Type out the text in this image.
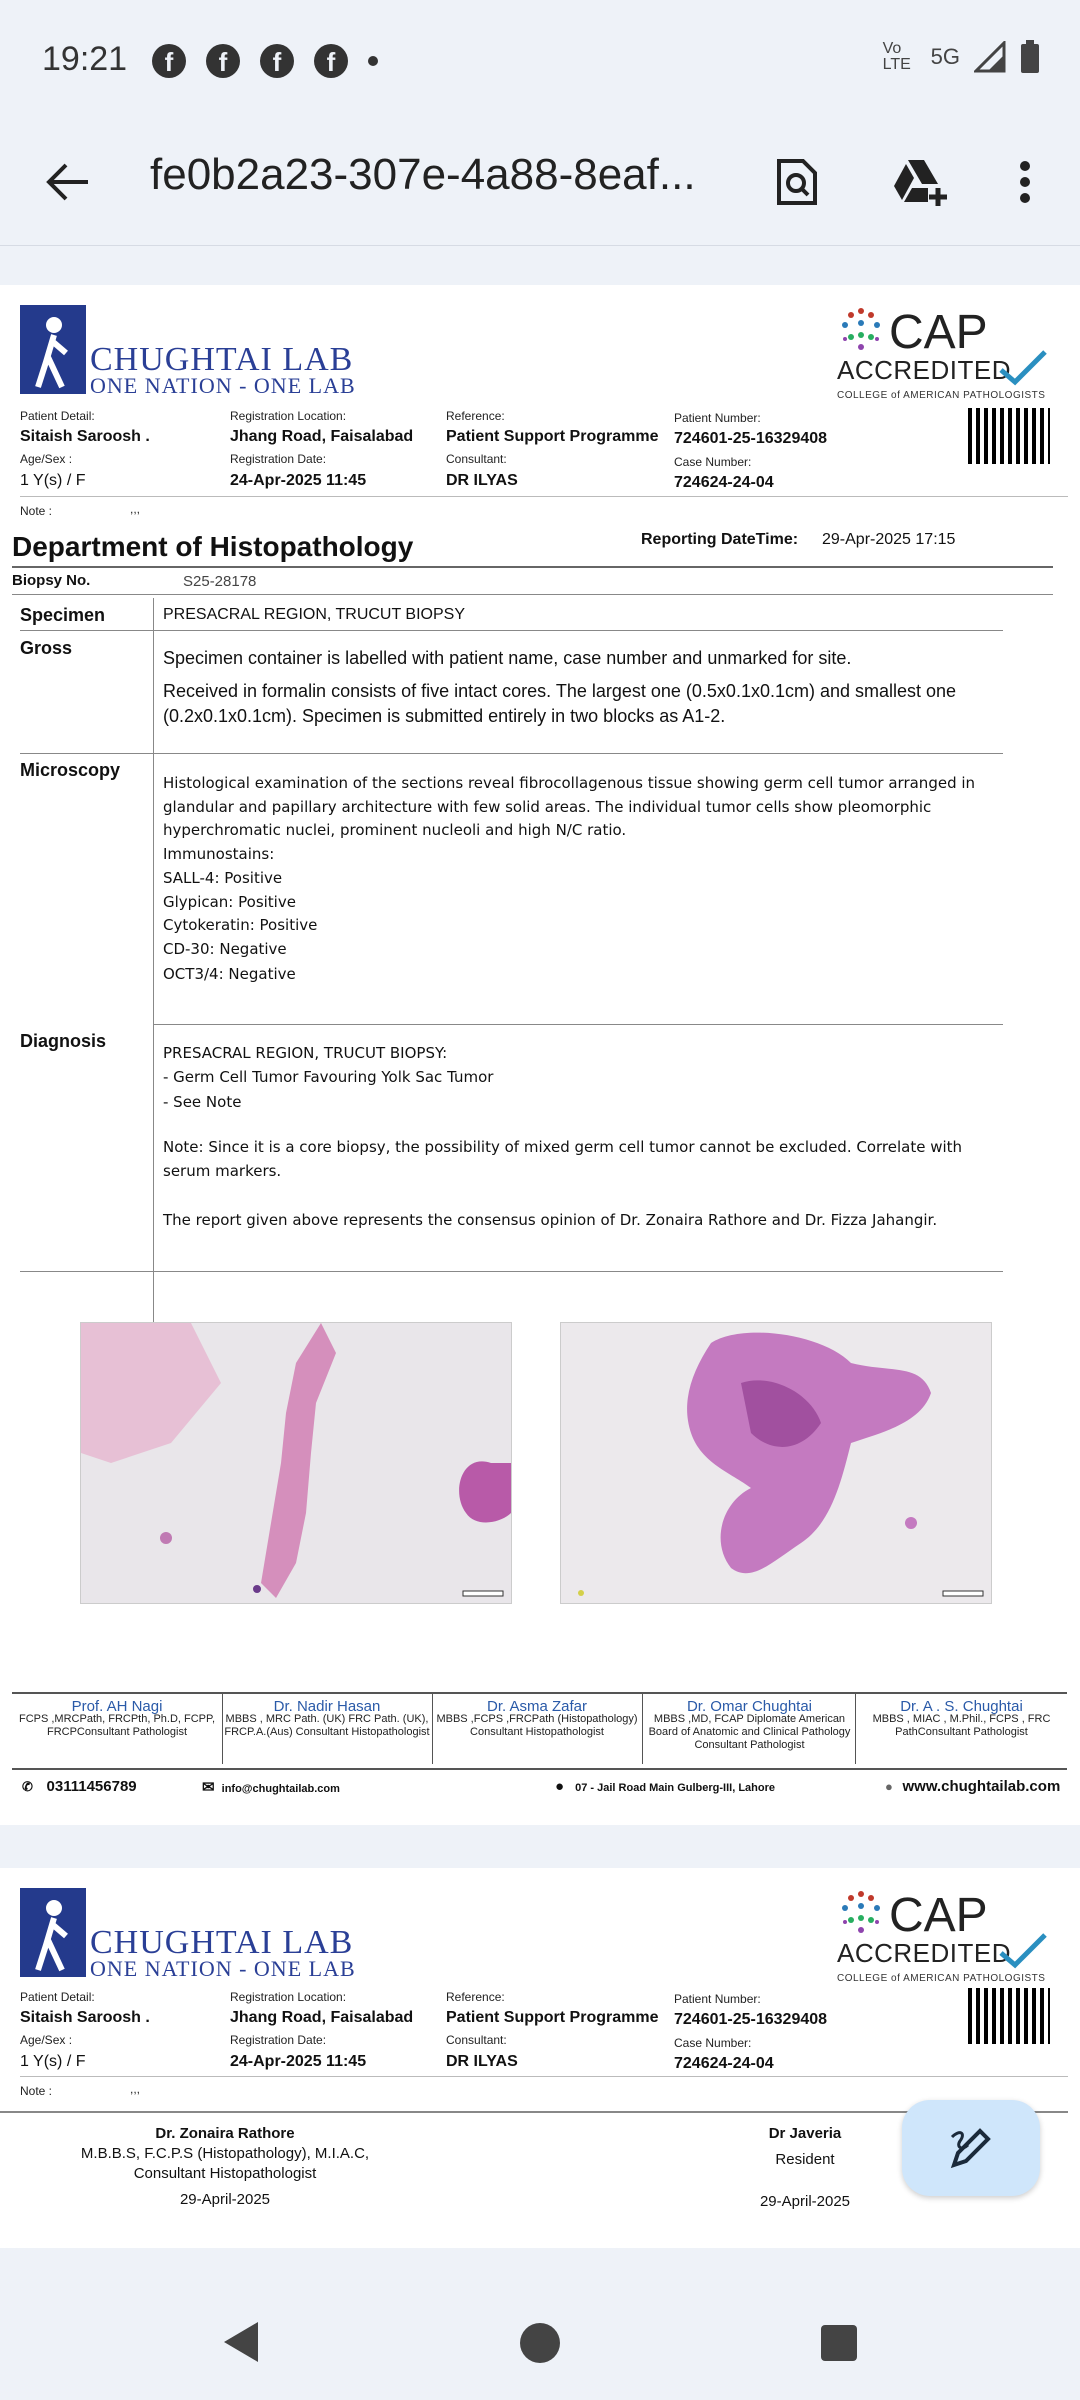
19:21	f	f	f	f	Vo LTE 5G
fe0b2a23-307e-4a88-8eaf...
CHUGHTAI LAB
ONE NATION - ONE LAB
CAP
ACCREDITED
COLLEGE of AMERICAN PATHOLOGISTS
Patient Detail:
Sitaish Saroosh .
Age/Sex :
1 Y(s) / F
Registration Location:
Jhang Road, Faisalabad
Registration Date:
24-Apr-2025 11:45
Reference:
Patient Support Programme
Consultant:
DR ILYAS
Patient Number:
724601-25-16329408
Case Number:
724624-24-04
Note :	,,,
Department of Histopathology	Reporting DateTime: 29-Apr-2025 17:15
Biopsy No.	S25-28178
Specimen	PRESACRAL REGION, TRUCUT BIOPSY
Gross	Specimen container is labelled with patient name, case number and unmarked for site.
Received in formalin consists of five intact cores. The largest one (0.5x0.1x0.1cm) and smallest one (0.2x0.1x0.1cm). Specimen is submitted entirely in two blocks as A1-2.
Microscopy
Histological examination of the sections reveal fibrocollagenous tissue showing germ cell tumor arranged in glandular and papillary architecture with few solid areas. The individual tumor cells show pleomorphic hyperchromatic nuclei, prominent nucleoli and high N/C ratio.
Immunostains:
SALL-4: Positive
Glypican: Positive
Cytokeratin: Positive
CD-30: Negative
OCT3/4: Negative
Diagnosis
PRESACRAL REGION, TRUCUT BIOPSY:
- Germ Cell Tumor Favouring Yolk Sac Tumor
- See Note
Note: Since it is a core biopsy, the possibility of mixed germ cell tumor cannot be excluded. Correlate with serum markers.
The report given above represents the consensus opinion of Dr. Zonaira Rathore and Dr. Fizza Jahangir.
Prof. AH Nagi
FCPS ,MRCPath, FRCPth, Ph.D, FCPP, FRCPConsultant Pathologist
Dr. Nadir Hasan
MBBS , MRC Path. (UK) FRC Path. (UK), FRCP.A.(Aus) Consultant Histopathologist
Dr. Asma Zafar
MBBS ,FCPS ,FRCPath (Histopathology) Consultant Histopathologist
Dr. Omar Chughtai
MBBS ,MD, FCAP Diplomate American Board of Anatomic and Clinical Pathology Consultant Pathologist
Dr. A . S. Chughtai
MBBS , MIAC , M.Phil., FCPS , FRC PathConsultant Pathologist
✆ 03111456789	✉ info@chughtailab.com	● 07 - Jail Road Main Gulberg-III, Lahore	● www.chughtailab.com
CHUGHTAI LAB
ONE NATION - ONE LAB
CAP
ACCREDITED
COLLEGE of AMERICAN PATHOLOGISTS
Patient Detail:
Sitaish Saroosh .
Age/Sex :
1 Y(s) / F
Registration Location:
Jhang Road, Faisalabad
Registration Date:
24-Apr-2025 11:45
Reference:
Patient Support Programme
Consultant:
DR ILYAS
Patient Number:
724601-25-16329408
Case Number:
724624-24-04
Note :	,,,
Dr. Zonaira Rathore
M.B.B.S, F.C.P.S (Histopathology), M.I.A.C, Consultant Histopathologist
29-April-2025
Dr Javeria
Resident
29-April-2025
